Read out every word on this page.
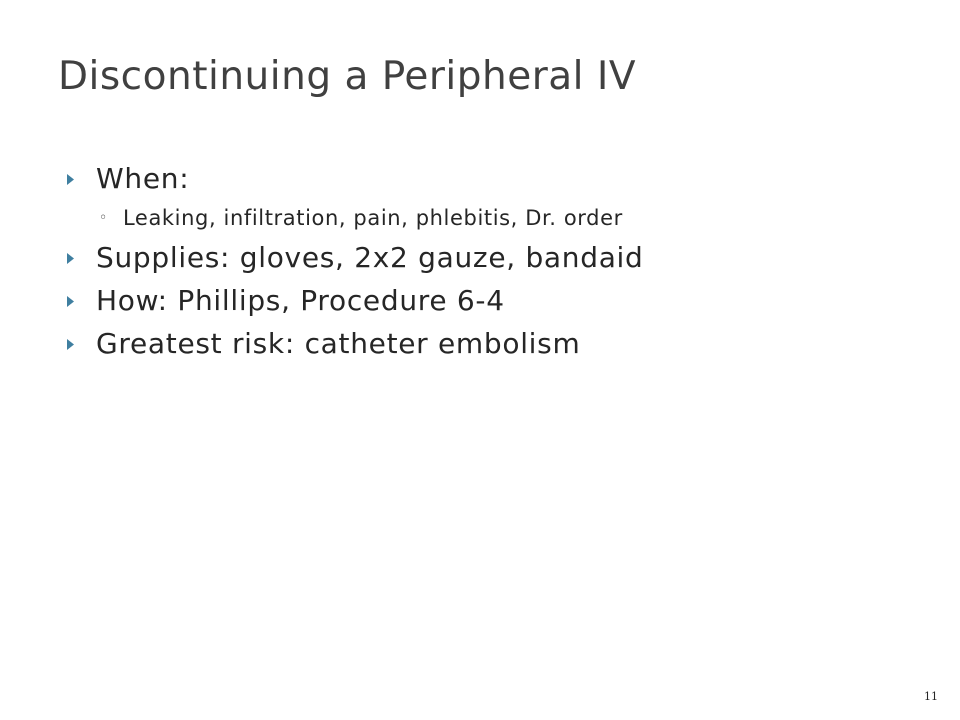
Discontinuing a Peripheral IV
When:
◦ Leaking, infiltration, pain, phlebitis, Dr. order
Supplies: gloves, 2x2 gauze, bandaid
How: Phillips, Procedure 6-4
Greatest risk: catheter embolism
11
